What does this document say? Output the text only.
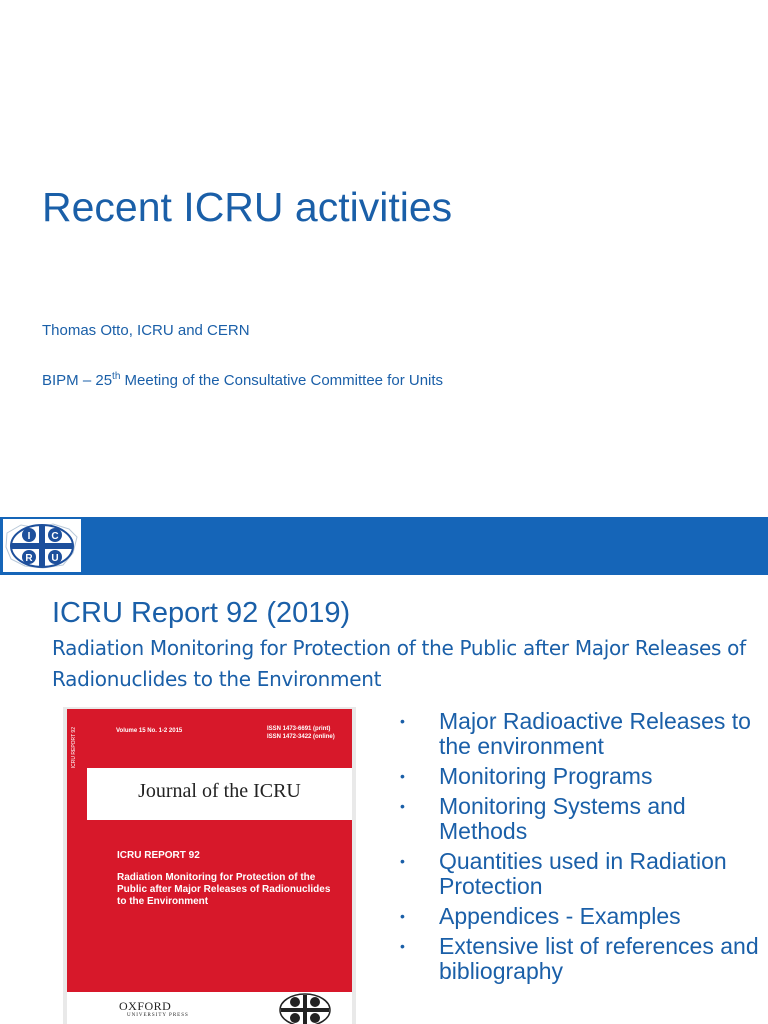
Recent ICRU activities
Thomas Otto, ICRU and CERN
BIPM – 25th Meeting of the Consultative Committee for Units
I C
R U
ICRU Report 92 (2019)
Radiation Monitoring for Protection of the Public after Major Releases of Radionuclides to the Environment
ICRU REPORT 92	Volume 15 No. 1-2 2015	ISSN 1473-6691 (print)
ISSN 1472-3422 (online)
Journal of the ICRU
ICRU REPORT 92
Radiation Monitoring for Protection of the Public after Major Releases of Radionuclides to the Environment
OXFORD
UNIVERSITY PRESS
• Major Radioactive Releases to the environment
• Monitoring Programs
• Monitoring Systems and Methods
• Quantities used in Radiation Protection
• Appendices - Examples
• Extensive list of references and bibliography
